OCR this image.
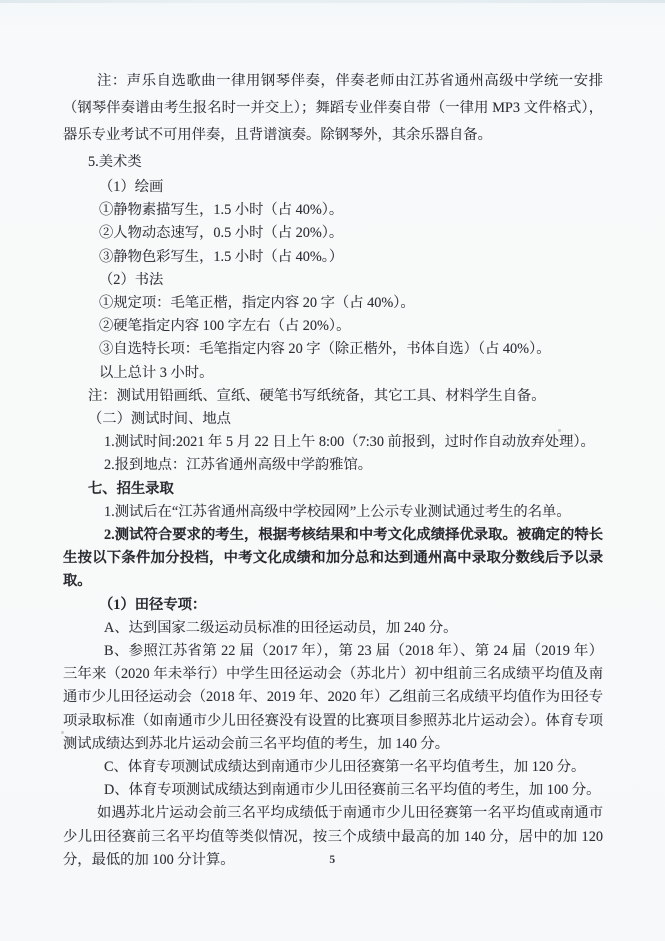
注：声乐自选歌曲一律用钢琴伴奏，伴奏老师由江苏省通州高级中学统一安排（钢琴伴奏谱由考生报名时一并交上）；舞蹈专业伴奏自带（一律用 MP3 文件格式），器乐专业考试不可用伴奏，且背谱演奏。除钢琴外，其余乐器自备。

5.美术类

（1）绘画

①静物素描写生，1.5 小时（占 40%）。

②人物动态速写，0.5 小时（占 20%）。

③静物色彩写生，1.5 小时（占 40%。）

（2）书法

①规定项：毛笔正楷，指定内容 20 字（占 40%）。

②硬笔指定内容 100 字左右（占 20%）。

③自选特长项：毛笔指定内容 20 字（除正楷外，书体自选）（占 40%）。

以上总计 3 小时。

注：测试用铅画纸、宣纸、硬笔书写纸统备，其它工具、材料学生自备。

（二）测试时间、地点

1.测试时间:2021 年 5 月 22 日上午 8:00（7:30 前报到，过时作自动放弃处理）。

2.报到地点：江苏省通州高级中学韵雅馆。

七、招生录取

1.测试后在“江苏省通州高级中学校园网”上公示专业测试通过考生的名单。

2.测试符合要求的考生，根据考核结果和中考文化成绩择优录取。被确定的特长生按以下条件加分投档，中考文化成绩和加分总和达到通州高中录取分数线后予以录取。

（1）田径专项：

A、达到国家二级运动员标准的田径运动员，加 240 分。

B、参照江苏省第 22 届（2017 年），第 23 届（2018 年）、第 24 届（2019 年）三年来（2020 年未举行）中学生田径运动会（苏北片）初中组前三名成绩平均值及南通市少儿田径运动会（2018 年、2019 年、2020 年）乙组前三名成绩平均值作为田径专项录取标准（如南通市少儿田径赛没有设置的比赛项目参照苏北片运动会）。体育专项测试成绩达到苏北片运动会前三名平均值的考生，加 140 分。

C、体育专项测试成绩达到南通市少儿田径赛第一名平均值考生，加 120 分。

D、体育专项测试成绩达到南通市少儿田径赛前三名平均值的考生，加 100 分。

如遇苏北片运动会前三名平均成绩低于南通市少儿田径赛第一名平均值或南通市少儿田径赛前三名平均值等类似情况，按三个成绩中最高的加 140 分，居中的加 120 分，最低的加 100 分计算。	5
